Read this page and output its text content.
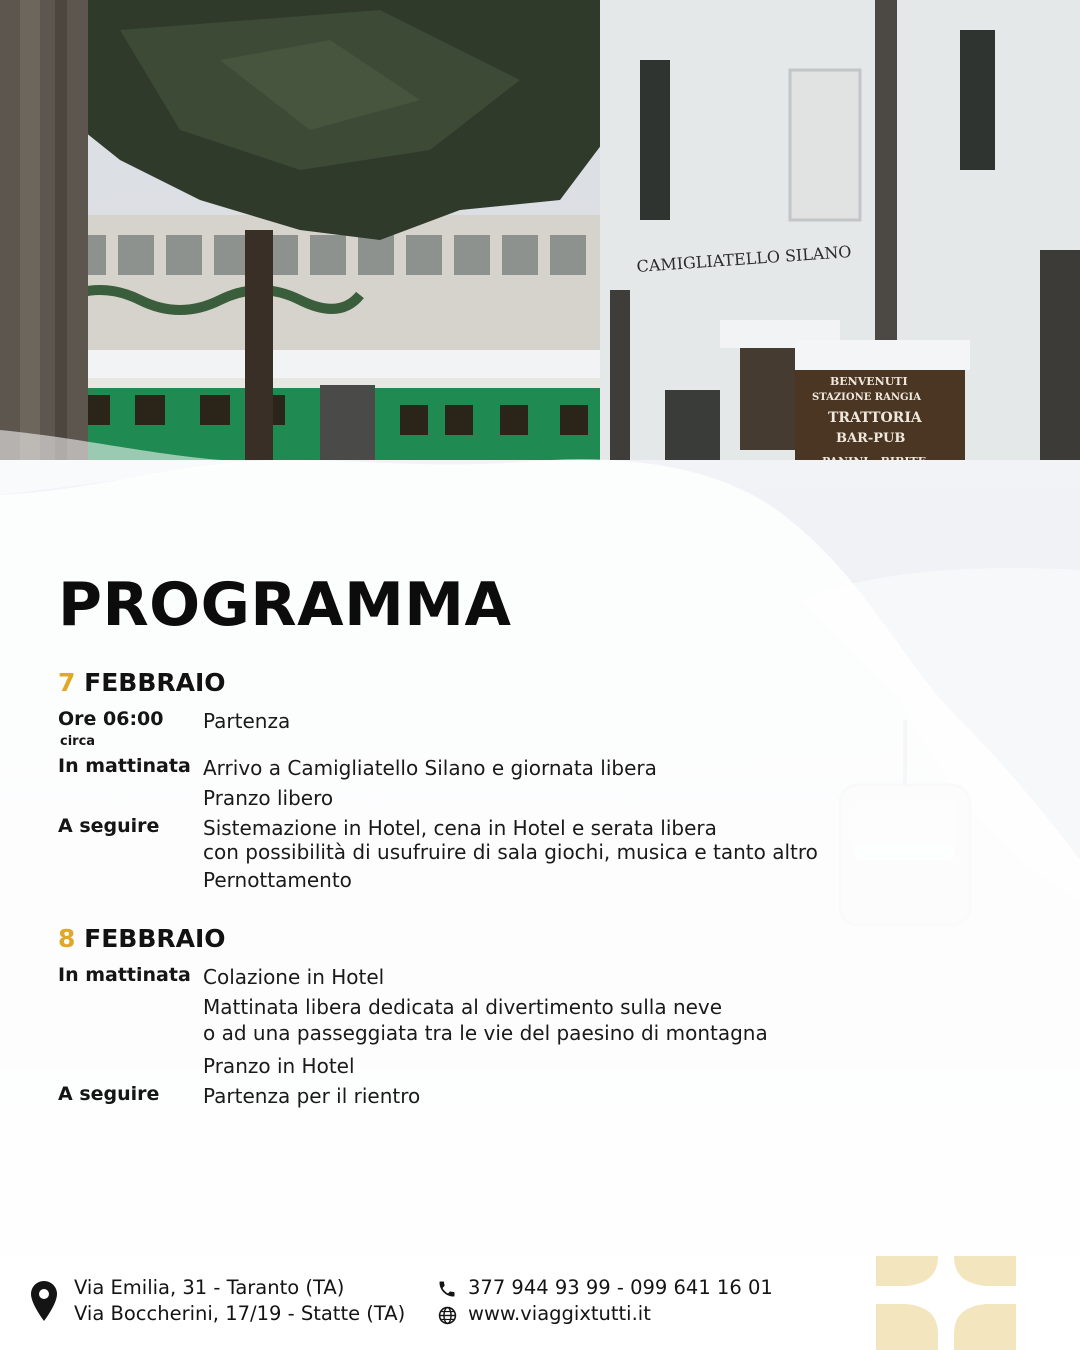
CAMIGLIATELLO SILANO
BENVENUTI
STAZIONE RANGIA
TRATTORIA
BAR-PUB
PROGRAMMA
7 FEBBRAIO
Ore 06:00
circa
Partenza
In mattinata Arrivo a Camigliatello Silano e giornata libera
Pranzo libero
A seguire Sistemazione in Hotel, cena in Hotel e serata libera
con possibilità di usufruire di sala giochi, musica e tanto altro
Pernottamento
8 FEBBRAIO
In mattinata Colazione in Hotel
Mattinata libera dedicata al divertimento sulla neve
o ad una passeggiata tra le vie del paesino di montagna
Pranzo in Hotel
A seguire Partenza per il rientro
Via Emilia, 31 - Taranto (TA)
Via Boccherini, 17/19 - Statte (TA)
377 944 93 99 - 099 641 16 01
www.viaggixtutti.it
